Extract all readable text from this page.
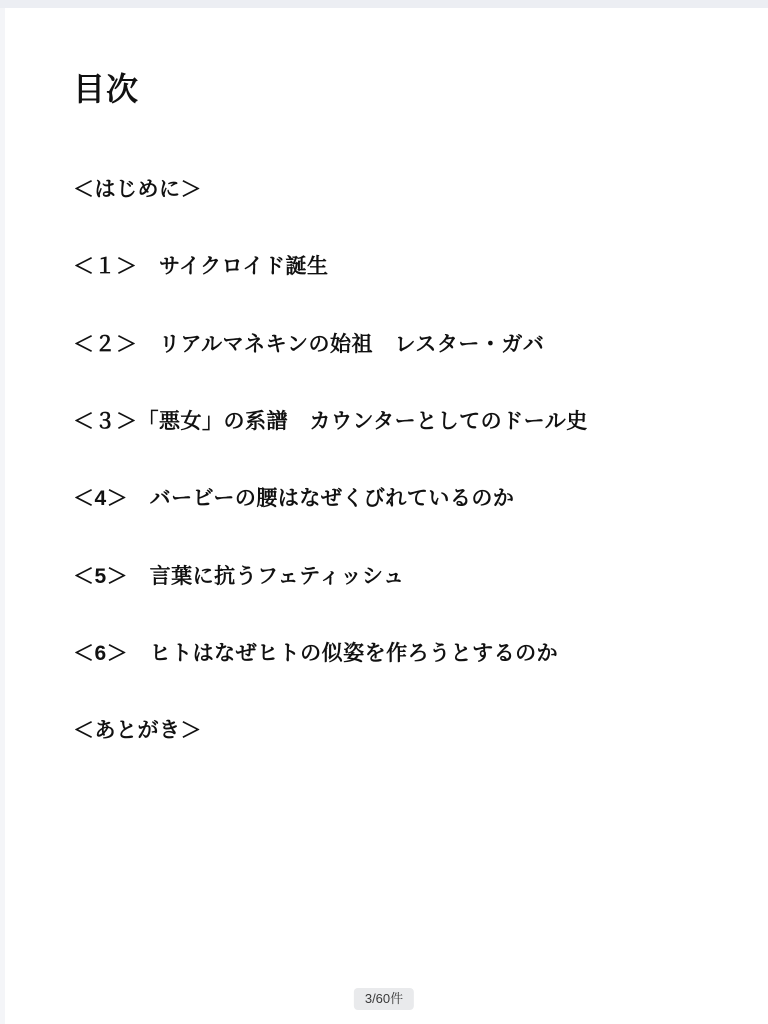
目次
＜はじめに＞
＜１＞　サイクロイド誕生
＜２＞　リアルマネキンの始祖　レスター・ガバ
＜３＞「悪女」の系譜　カウンターとしてのドール史
＜4＞　バービーの腰はなぜくびれているのか
＜5＞　言葉に抗うフェティッシュ
＜6＞　ヒトはなぜヒトの似姿を作ろうとするのか
＜あとがき＞
3/60件
